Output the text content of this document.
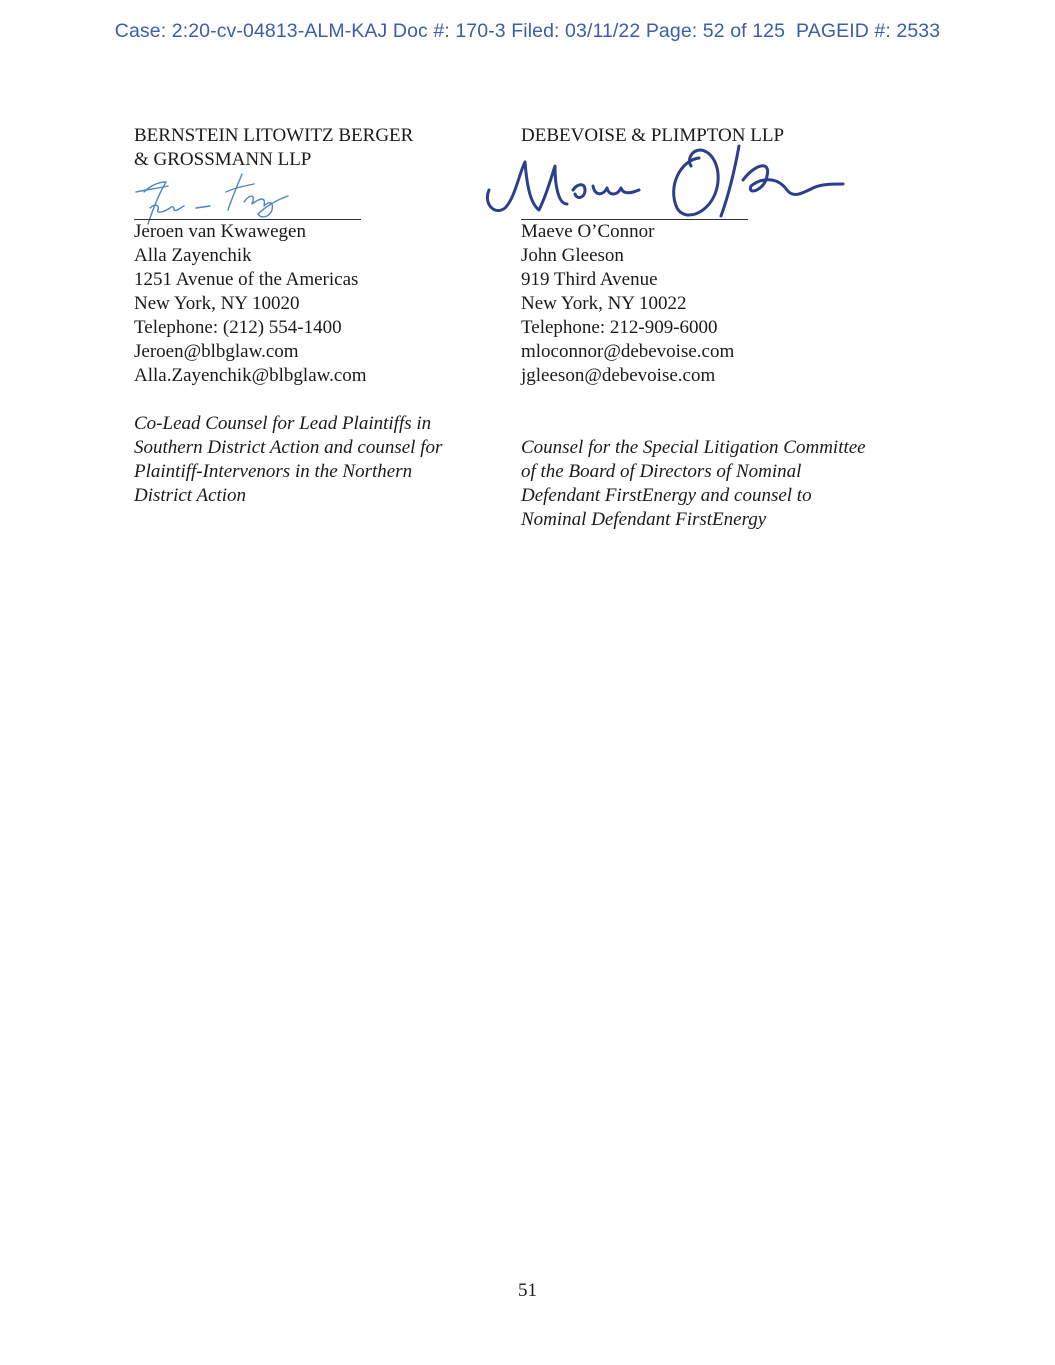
Case: 2:20-cv-04813-ALM-KAJ Doc #: 170-3 Filed: 03/11/22 Page: 52 of 125  PAGEID #: 2533
BERNSTEIN LITOWITZ BERGER
& GROSSMANN LLP
Jeroen van Kwawegen
Alla Zayenchik
1251 Avenue of the Americas
New York, NY 10020
Telephone: (212) 554-1400
Jeroen@blbglaw.com
Alla.Zayenchik@blbglaw.com
Co-Lead Counsel for Lead Plaintiffs in
Southern District Action and counsel for
Plaintiff-Intervenors in the Northern
District Action
DEBEVOISE & PLIMPTON LLP
Maeve O’Connor
John Gleeson
919 Third Avenue
New York, NY 10022
Telephone: 212-909-6000
mloconnor@debevoise.com
jgleeson@debevoise.com
Counsel for the Special Litigation Committee
of the Board of Directors of Nominal
Defendant FirstEnergy and counsel to
Nominal Defendant FirstEnergy
51
